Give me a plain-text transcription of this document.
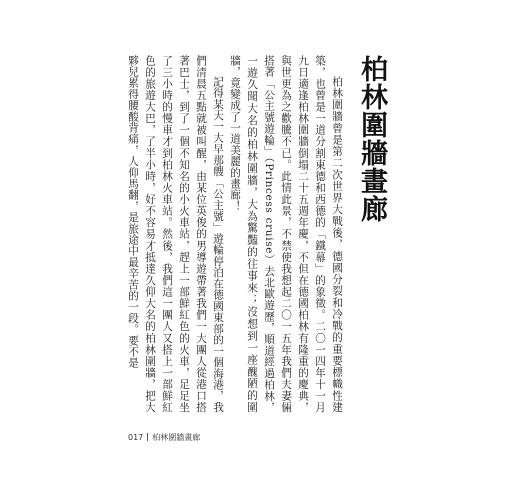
柏林圍牆畫廊

柏林圍牆曾是第二次世界大戰後，德國分裂和冷戰的重要標幟性建築，也曾是一道分割東德和西德的「鐵幕」的象徵。二〇一四年十一月九日適逢柏林圍牆倒塌二十五週年慶，不但在德國柏林有隆重的慶典，與世更為之歡騰不已。此情此景，不禁使我想起二〇一五年我們夫妻倆搭著「公主號遊輪」（Princess cruise）去北歐遊歷，順道經過柏林，一遊久聞大名的柏林圍牆，大為驚豔的往事來；沒想到一座醜陋的圍牆，竟變成了一道美麗的畫廊！

記得某天一大早那艘「公主號」遊輪停泊在德國東部的一個海港，我們清晨五點就被叫醒，由某位英俊的男導遊帶著我們一大團人從港口搭著巴士，到了一個不知名的小火車站，趕上一部鮮紅色的火車，足足坐了三小時的慢車才到柏林火車站。然後，我們這一團人又搭上一部鮮紅色的旅遊大巴，了半小時，好不容易才抵達久仰大名的柏林圍牆，把大夥兒累得腰酸背痛，人仰馬翻，是旅途中最辛苦的一段。要不是

017 柏林圍牆畫廊
